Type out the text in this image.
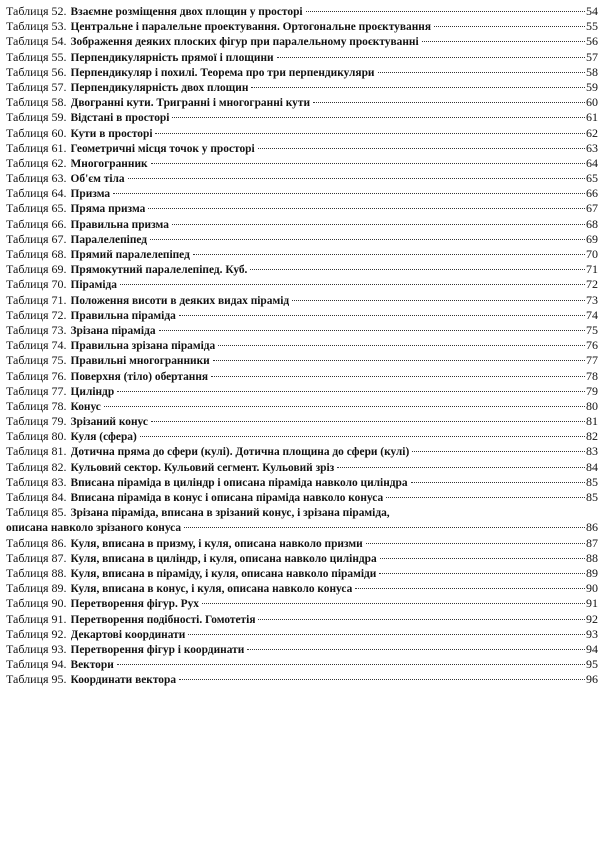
Таблиця 52. Взаємне розміщення двох площин у просторі	54
Таблиця 53. Центральне і паралельне проектування. Ортогональне проєктування	55
Таблиця 54. Зображення деяких плоских фігур при паралельному проєктуванні	56
Таблиця 55. Перпендикулярність прямої і площини	57
Таблиця 56. Перпендикуляр і похилі. Теорема про три перпендикуляри	58
Таблиця 57. Перпендикулярність двох площин	59
Таблиця 58. Двогранні кути. Тригранні і многогранні кути	60
Таблиця 59. Відстані в просторі	61
Таблиця 60. Кути в просторі	62
Таблиця 61. Геометричні місця точок у просторі	63
Таблиця 62. Многогранник	64
Таблиця 63. Об'єм тіла	65
Таблиця 64. Призма	66
Таблиця 65. Пряма призма	67
Таблиця 66. Правильна призма	68
Таблиця 67. Паралелепіпед	69
Таблиця 68. Прямий паралелепіпед	70
Таблиця 69. Прямокутний паралелепіпед. Куб.	71
Таблиця 70. Піраміда	72
Таблиця 71. Положення висоти в деяких видах пірамід	73
Таблиця 72. Правильна піраміда	74
Таблиця 73. Зрізана піраміда	75
Таблиця 74. Правильна зрізана піраміда	76
Таблиця 75. Правильні многогранники	77
Таблиця 76. Поверхня (тіло) обертання	78
Таблиця 77. Циліндр	79
Таблиця 78. Конус	80
Таблиця 79. Зрізаний конус	81
Таблиця 80. Куля (сфера)	82
Таблиця 81. Дотична пряма до сфери (кулі). Дотична площина до сфери (кулі)	83
Таблиця 82. Кульовий сектор. Кульовий сегмент. Кульовий зріз	84
Таблиця 83. Вписана піраміда в циліндр і описана піраміда навколо циліндра	85
Таблиця 84. Вписана піраміда в конус і описана піраміда навколо конуса	85
Таблиця 85. Зрізана піраміда, вписана в зрізаний конус, і зрізана піраміда,
описана навколо зрізаного конуса	86
Таблиця 86. Куля, вписана в призму, і куля, описана навколо призми	87
Таблиця 87. Куля, вписана в циліндр, і куля, описана навколо циліндра	88
Таблиця 88. Куля, вписана в піраміду, і куля, описана навколо піраміди	89
Таблиця 89. Куля, вписана в конус, і куля, описана навколо конуса	90
Таблиця 90. Перетворення фігур. Рух	91
Таблиця 91. Перетворення подібності. Гомотетія	92
Таблиця 92. Декартові координати	93
Таблиця 93. Перетворення фігур і координати	94
Таблиця 94. Вектори	95
Таблиця 95. Координати вектора	96
